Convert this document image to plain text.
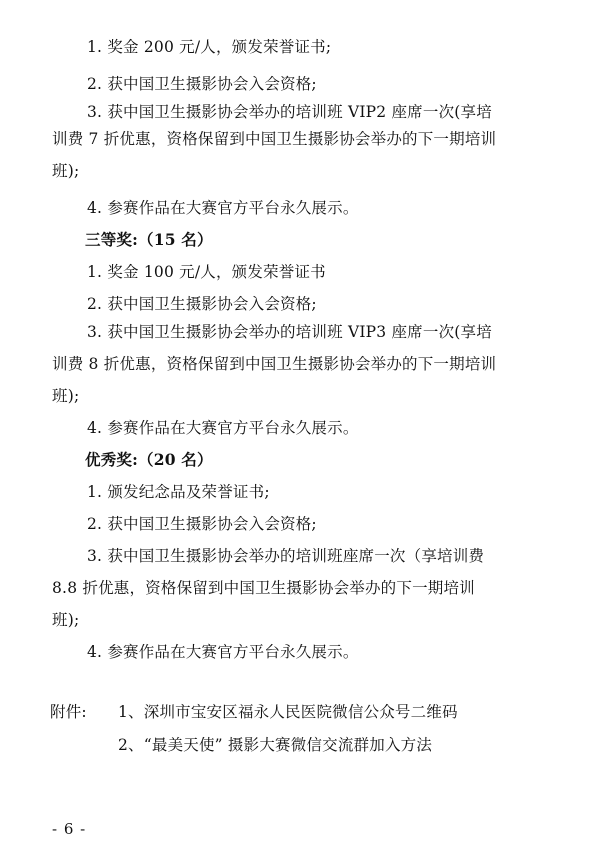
1. 奖金 200 元/人，颁发荣誉证书;
2. 获中国卫生摄影协会入会资格;
3. 获中国卫生摄影协会举办的培训班 VIP2 座席一次(享培
训费 7 折优惠，资格保留到中国卫生摄影协会举办的下一期培训
班);
4. 参赛作品在大赛官方平台永久展示。
三等奖:（15 名）
1. 奖金 100 元/人，颁发荣誉证书
2. 获中国卫生摄影协会入会资格;
3. 获中国卫生摄影协会举办的培训班 VIP3 座席一次(享培
训费 8 折优惠，资格保留到中国卫生摄影协会举办的下一期培训
班);
4. 参赛作品在大赛官方平台永久展示。
优秀奖:（20 名）
1. 颁发纪念品及荣誉证书;
2. 获中国卫生摄影协会入会资格;
3. 获中国卫生摄影协会举办的培训班座席一次（享培训费
8.8 折优惠，资格保留到中国卫生摄影协会举办的下一期培训
班);
4. 参赛作品在大赛官方平台永久展示。
附件: 1、深圳市宝安区福永人民医院微信公众号二维码
2、“最美天使” 摄影大赛微信交流群加入方法
- 6 -
